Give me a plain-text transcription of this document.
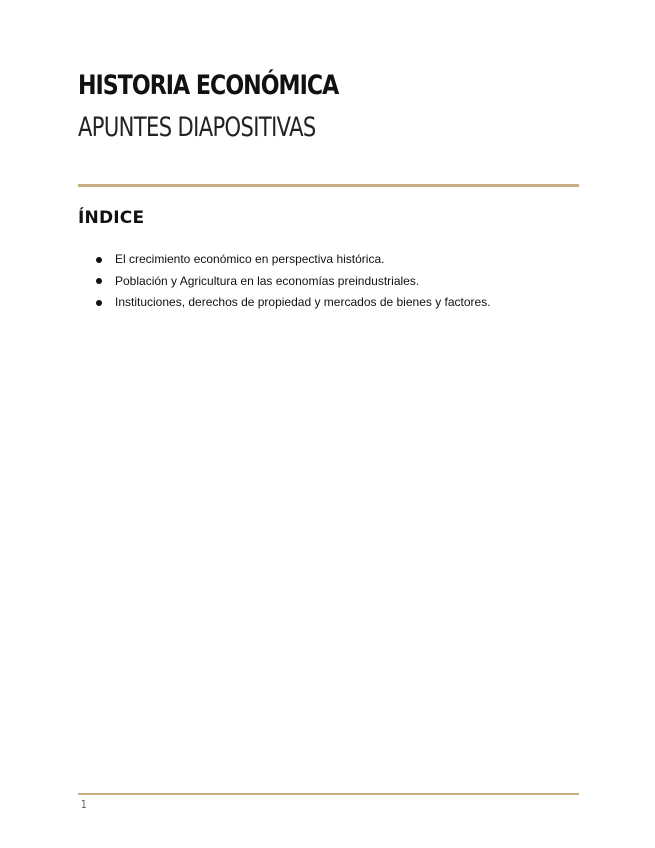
HISTORIA ECONÓMICA
APUNTES DIAPOSITIVAS
ÍNDICE
El crecimiento económico en perspectiva histórica.
Población y Agricultura en las economías preindustriales.
Instituciones, derechos de propiedad y mercados de bienes y factores.
1
